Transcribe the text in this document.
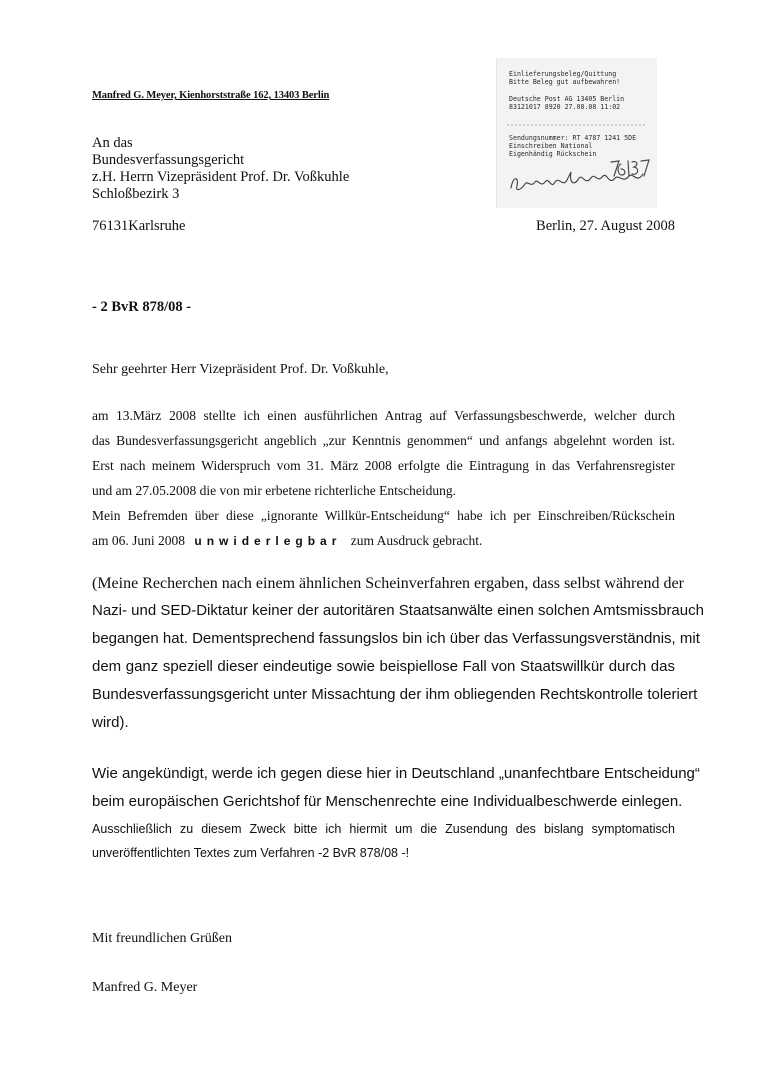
Manfred G. Meyer, Kienhorststraße 162, 13403 Berlin
An das
Bundesverfassungsgericht
z.H. Herrn Vizepräsident Prof. Dr. Voßkuhle
Schloßbezirk 3
76131Karlsruhe	Berlin, 27. August 2008
Einlieferungsbeleg/Quittung
Bitte Beleg gut aufbewahren!
Deutsche Post AG 13405 Berlin
83121017 8920 27.08.08 11:02
Sendungsnummer: RT 4787 1241 5DE
Einschreiben National
Eigenhändig Rückschein
- 2 BvR 878/08 -
Sehr geehrter Herr Vizepräsident Prof. Dr. Voßkuhle,
am 13.März 2008 stellte ich einen ausführlichen Antrag auf Verfassungsbeschwerde, welcher durch
das Bundesverfassungsgericht angeblich „zur Kenntnis genommen“ und anfangs abgelehnt worden ist.
Erst nach meinem Widerspruch vom 31. März 2008 erfolgte die Eintragung in das Verfahrensregister
und am 27.05.2008 die von mir erbetene richterliche Entscheidung.
Mein Befremden über diese „ignorante Willkür-Entscheidung“ habe ich per Einschreiben/Rückschein
am 06. Juni 2008 unwiderlegbar zum Ausdruck gebracht.
(Meine Recherchen nach einem ähnlichen Scheinverfahren ergaben, dass selbst während der
Nazi- und SED-Diktatur keiner der autoritären Staatsanwälte einen solchen Amtsmissbrauch
begangen hat. Dementsprechend fassungslos bin ich über das Verfassungsverständnis, mit
dem ganz speziell dieser eindeutige sowie beispiellose Fall von Staatswillkür durch das
Bundesverfassungsgericht unter Missachtung der ihm obliegenden Rechtskontrolle toleriert
wird).
Wie angekündigt, werde ich gegen diese hier in Deutschland „unanfechtbare Entscheidung“
beim europäischen Gerichtshof für Menschenrechte eine Individualbeschwerde einlegen.
Ausschließlich zu diesem Zweck bitte ich hiermit um die Zusendung des bislang symptomatisch
unveröffentlichten Textes zum Verfahren -2 BvR 878/08 -!
Mit freundlichen Grüßen
Manfred G. Meyer
